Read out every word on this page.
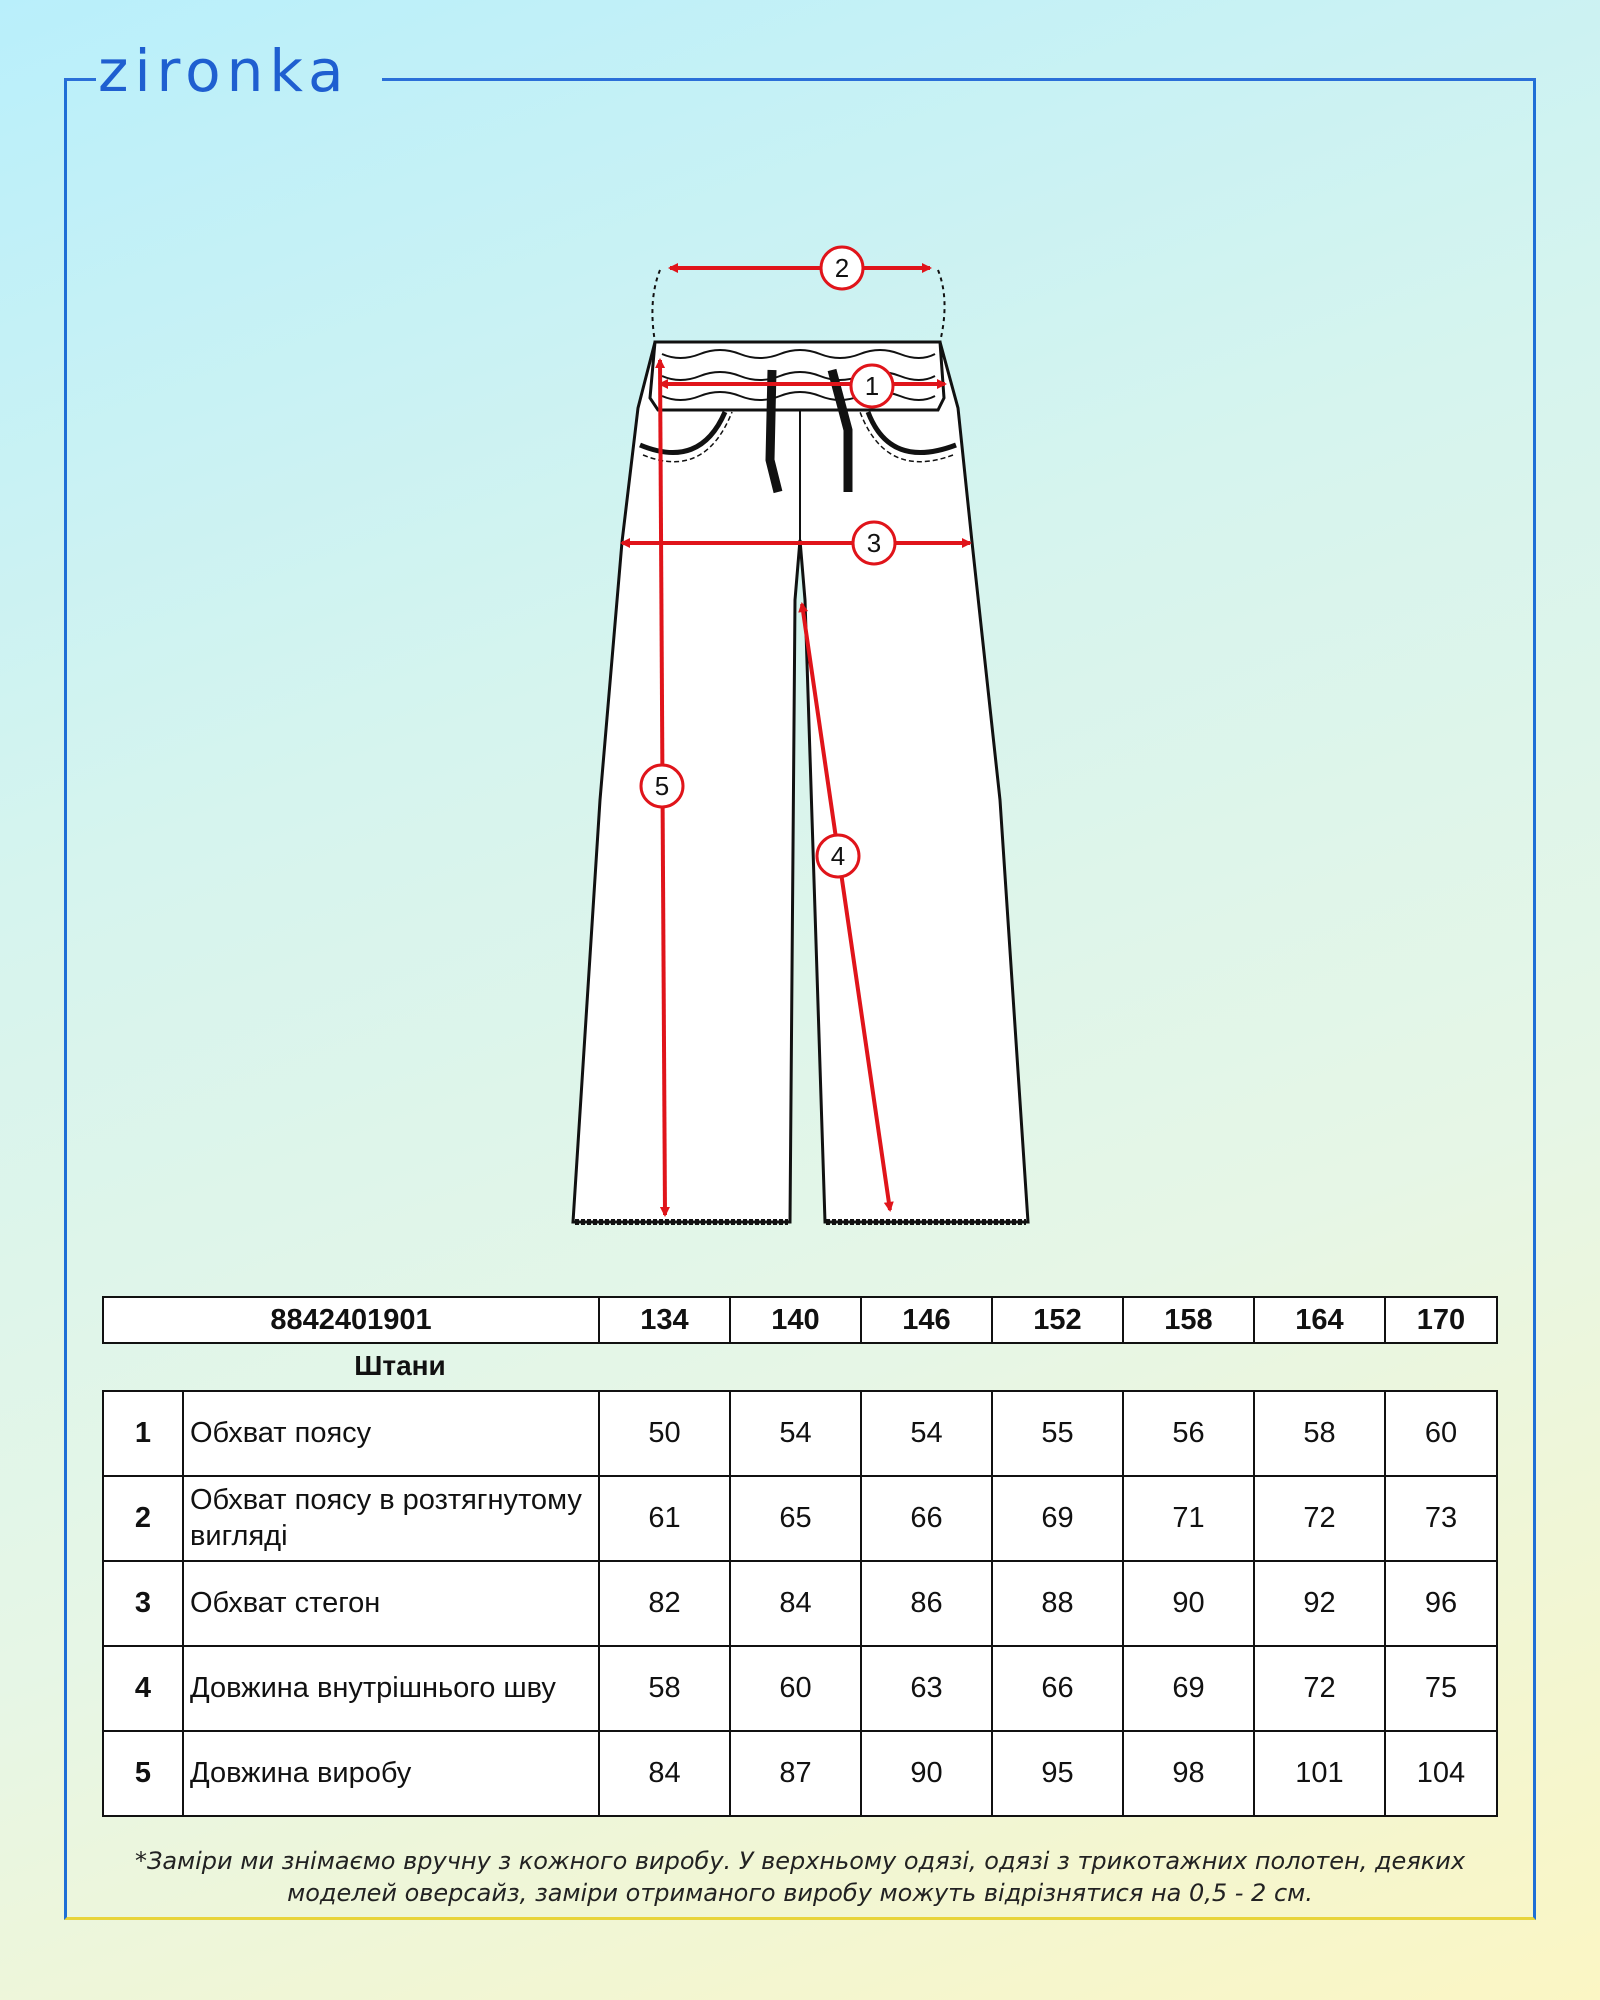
zironka
2
1
3
5
4
8842401901	134	140	146	152	158	164	170
Штани
1	Обхват поясу	50	54	54	55	56	58	60
2	Обхват поясу в розтягнутому вигляді	61	65	66	69	71	72	73
3	Обхват стегон	82	84	86	88	90	92	96
4	Довжина внутрішнього шву	58	60	63	66	69	72	75
5	Довжина виробу	84	87	90	95	98	101	104
*Заміри ми знімаємо вручну з кожного виробу. У верхньому одязі, одязі з трикотажних полотен, деяких моделей оверсайз, заміри отриманого виробу можуть відрізнятися на 0,5 - 2 см.
